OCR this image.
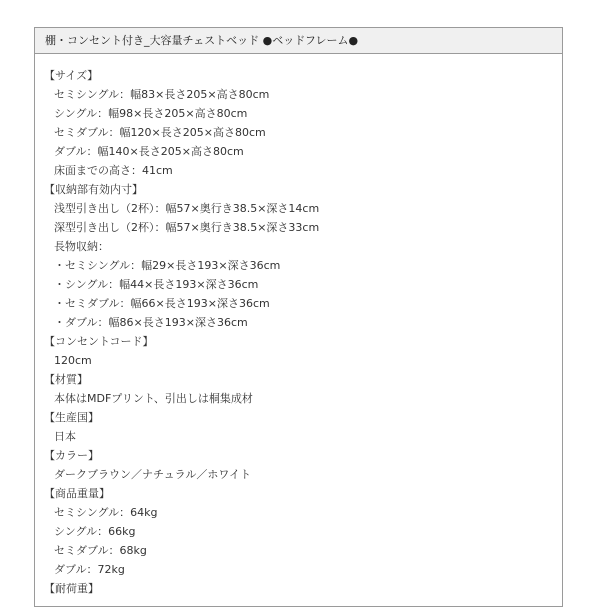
棚・コンセント付き_大容量チェストベッド ●ベッドフレーム●
【サイズ】
セミシングル：幅83×長さ205×高さ80cm
シングル：幅98×長さ205×高さ80cm
セミダブル：幅120×長さ205×高さ80cm
ダブル：幅140×長さ205×高さ80cm
床面までの高さ：41cm
【収納部有効内寸】
浅型引き出し（2杯）：幅57×奥行き38.5×深さ14cm
深型引き出し（2杯）：幅57×奥行き38.5×深さ33cm
長物収納：
・セミシングル：幅29×長さ193×深さ36cm
・シングル：幅44×長さ193×深さ36cm
・セミダブル：幅66×長さ193×深さ36cm
・ダブル：幅86×長さ193×深さ36cm
【コンセントコード】
120cm
【材質】
本体はMDFプリント、引出しは桐集成材
【生産国】
日本
【カラー】
ダークブラウン／ナチュラル／ホワイト
【商品重量】
セミシングル：64kg
シングル：66kg
セミダブル：68kg
ダブル：72kg
【耐荷重】
